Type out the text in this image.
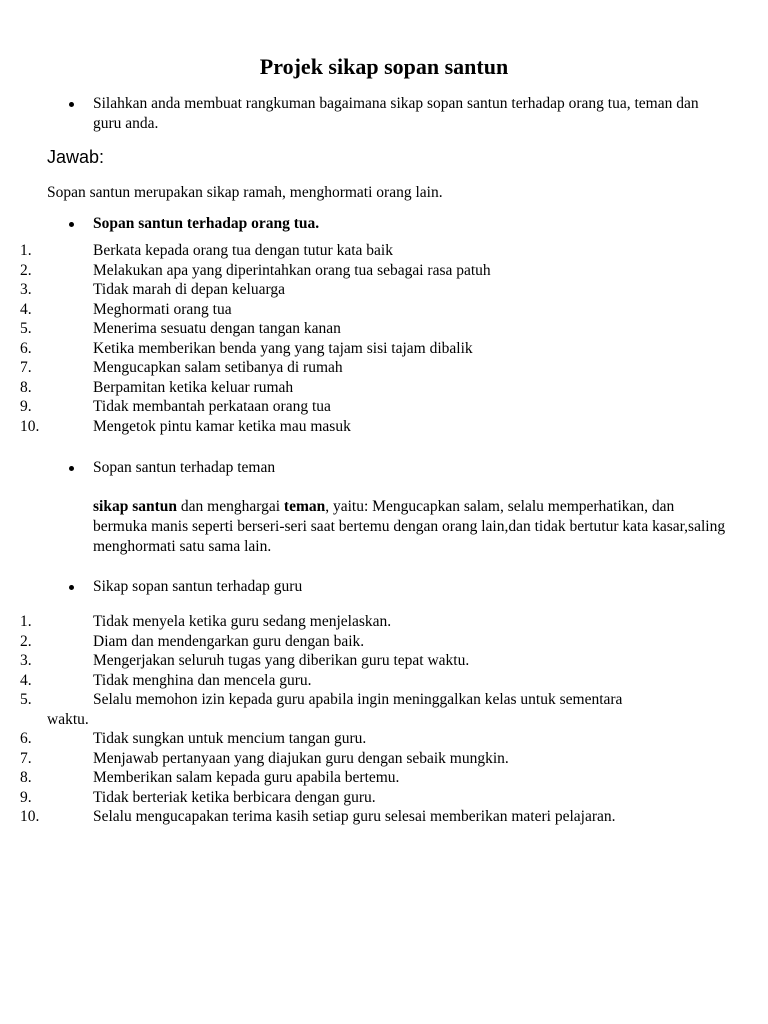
Projek sikap sopan santun
Silahkan anda membuat rangkuman bagaimana sikap sopan santun terhadap orang tua, teman dan guru anda.
Jawab:
Sopan santun merupakan sikap ramah, menghormati orang lain.
Sopan santun terhadap orang tua.
1.	Berkata kepada orang tua dengan tutur kata baik
2.	Melakukan apa yang diperintahkan orang tua sebagai rasa patuh
3.	Tidak marah di depan keluarga
4.	Meghormati orang tua
5.	Menerima sesuatu dengan tangan kanan
6.	Ketika memberikan benda yang yang tajam sisi tajam dibalik
7.	Mengucapkan salam setibanya di rumah
8.	Berpamitan ketika keluar rumah
9.	Tidak membantah perkataan orang tua
10.	Mengetok pintu kamar ketika mau masuk
Sopan santun terhadap teman
sikap santun dan menghargai teman, yaitu: Mengucapkan salam, selalu memperhatikan, dan bermuka manis seperti berseri-seri saat bertemu dengan orang lain,dan tidak bertutur kata kasar,saling menghormati satu sama lain.
Sikap sopan santun terhadap guru
1.	Tidak menyela ketika guru sedang menjelaskan.
2.	Diam dan mendengarkan guru dengan baik.
3.	Mengerjakan seluruh tugas yang diberikan guru tepat waktu.
4.	Tidak menghina dan mencela guru.
5.	Selalu memohon izin kepada guru apabila ingin meninggalkan kelas untuk sementara
waktu.
6.	Tidak sungkan untuk mencium tangan guru.
7.	Menjawab pertanyaan yang diajukan guru dengan sebaik mungkin.
8.	Memberikan salam kepada guru apabila bertemu.
9.	Tidak berteriak ketika berbicara dengan guru.
10.	Selalu mengucapakan terima kasih setiap guru selesai memberikan materi pelajaran.
